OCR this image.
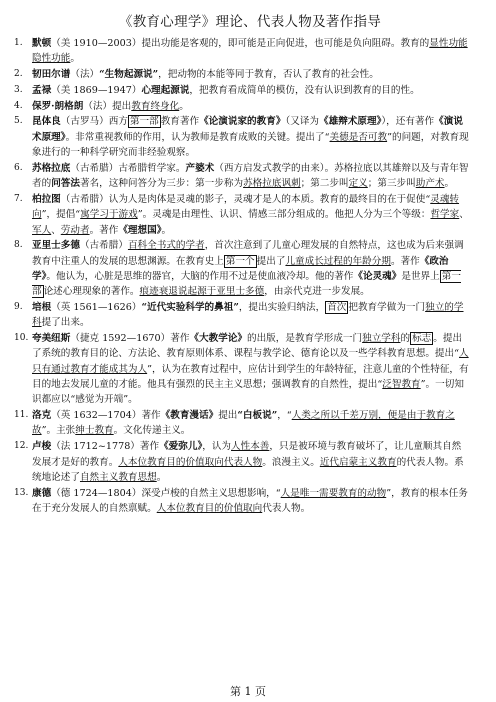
《教育心理学》理论、代表人物及著作指导
1. 默顿（美 1910—2003）提出功能是客观的，即可能是正向促进，也可能是负向阻碍。教育的显性功能隐性功能。
2. 韧田尔谱（法）“生物起源说”，把动物的本能等同于教育，否认了教育的社会性。
3. 孟禄（美 1869—1947）心理起源说，把教育看成简单的模仿，没有认识到教育的目的性。
4. 保罗·朗格朗（法）提出教育终身化。
5. 昆体良（古罗马）西方 第一部 教育著作《论演说家的教育》（又译为《雄辩术原理》），还有著作《演说术原理》。非常重视教师的作用，认为教师是教育成败的关键。提出了“美德是否可教”的问题，对教育现象进行的一种科学研究而非经验观察。
6. 苏格拉底（古希腊）古希腊哲学家。产婆术（西方启发式教学的由来）。苏格拉底以其雄辩以及与青年智者的问答法著名，这种问答分为三步：第一步称为苏格拉底讽刺；第二步叫定义；第三步叫助产术。
7. 柏拉图（古希腊）认为人是肉体是灵魂的影子，灵魂才是人的本质。教育的最终目的在于促使“灵魂转向”，提倡“寓学习于游戏”。灵魂是由理性、认识、情感三部分组成的。他把人分为三个等级：哲学家、军人、劳动者。著作《理想国》。
8. 亚里士多德（古希腊）百科全书式的学者，首次注意到了儿童心理发展的自然特点，这也成为后来强调教育中注重人的发展的思想渊源。在教育史上 第一个 提出了儿童成长过程的年龄分期。著作《政治学》。他认为，心脏是思维的器官，大脑的作用不过是使血液冷却。他的著作《论灵魂》是世界上 第一部 论述心理现象的著作。痕迹衰退说起源于亚里士多德，由亲代克进一步发展。
9. 培根（英 1561—1626）“近代实验科学的鼻祖”，提出实验归纳法， 首次 把教育学做为一门独立的学科提了出来。
10. 夸美纽斯（捷克 1592—1670）著作《大教学论》的出版，是教育学形成一门独立学科的 标志 。提出了系统的教育目的论、方法论、教育原则体系、课程与教学论、德育论以及一些学科教育思想。提出“人只有通过教育才能成其为人”，认为在教育过程中，应估计到学生的年龄特征，注意儿童的个性特征，有目的地去发展儿童的才能。他具有强烈的民主主义思想；强调教育的自然性，提出“泛智教育”。一切知识都应以“感觉为开端”。
11. 洛克（英 1632—1704）著作《教育漫话》提出“白板说”，“人类之所以千差万别，便是由于教育之故”。主张绅士教育。文化传递主义。
12. 卢梭（法 1712~1778）著作《爱弥儿》，认为人性本善，只是被环境与教育破坏了，让儿童顺其自然发展才是好的教育。人本位教育目的价值取向代表人物。浪漫主义。近代启蒙主义教育的代表人物。系统地论述了自然主义教育思想。
13. 康德（德 1724—1804）深受卢梭的自然主义思想影响，“人是唯一需要教育的动物”，教育的根本任务在于充分发展人的自然禀赋。人本位教育目的价值取向代表人物。
第 1 页
